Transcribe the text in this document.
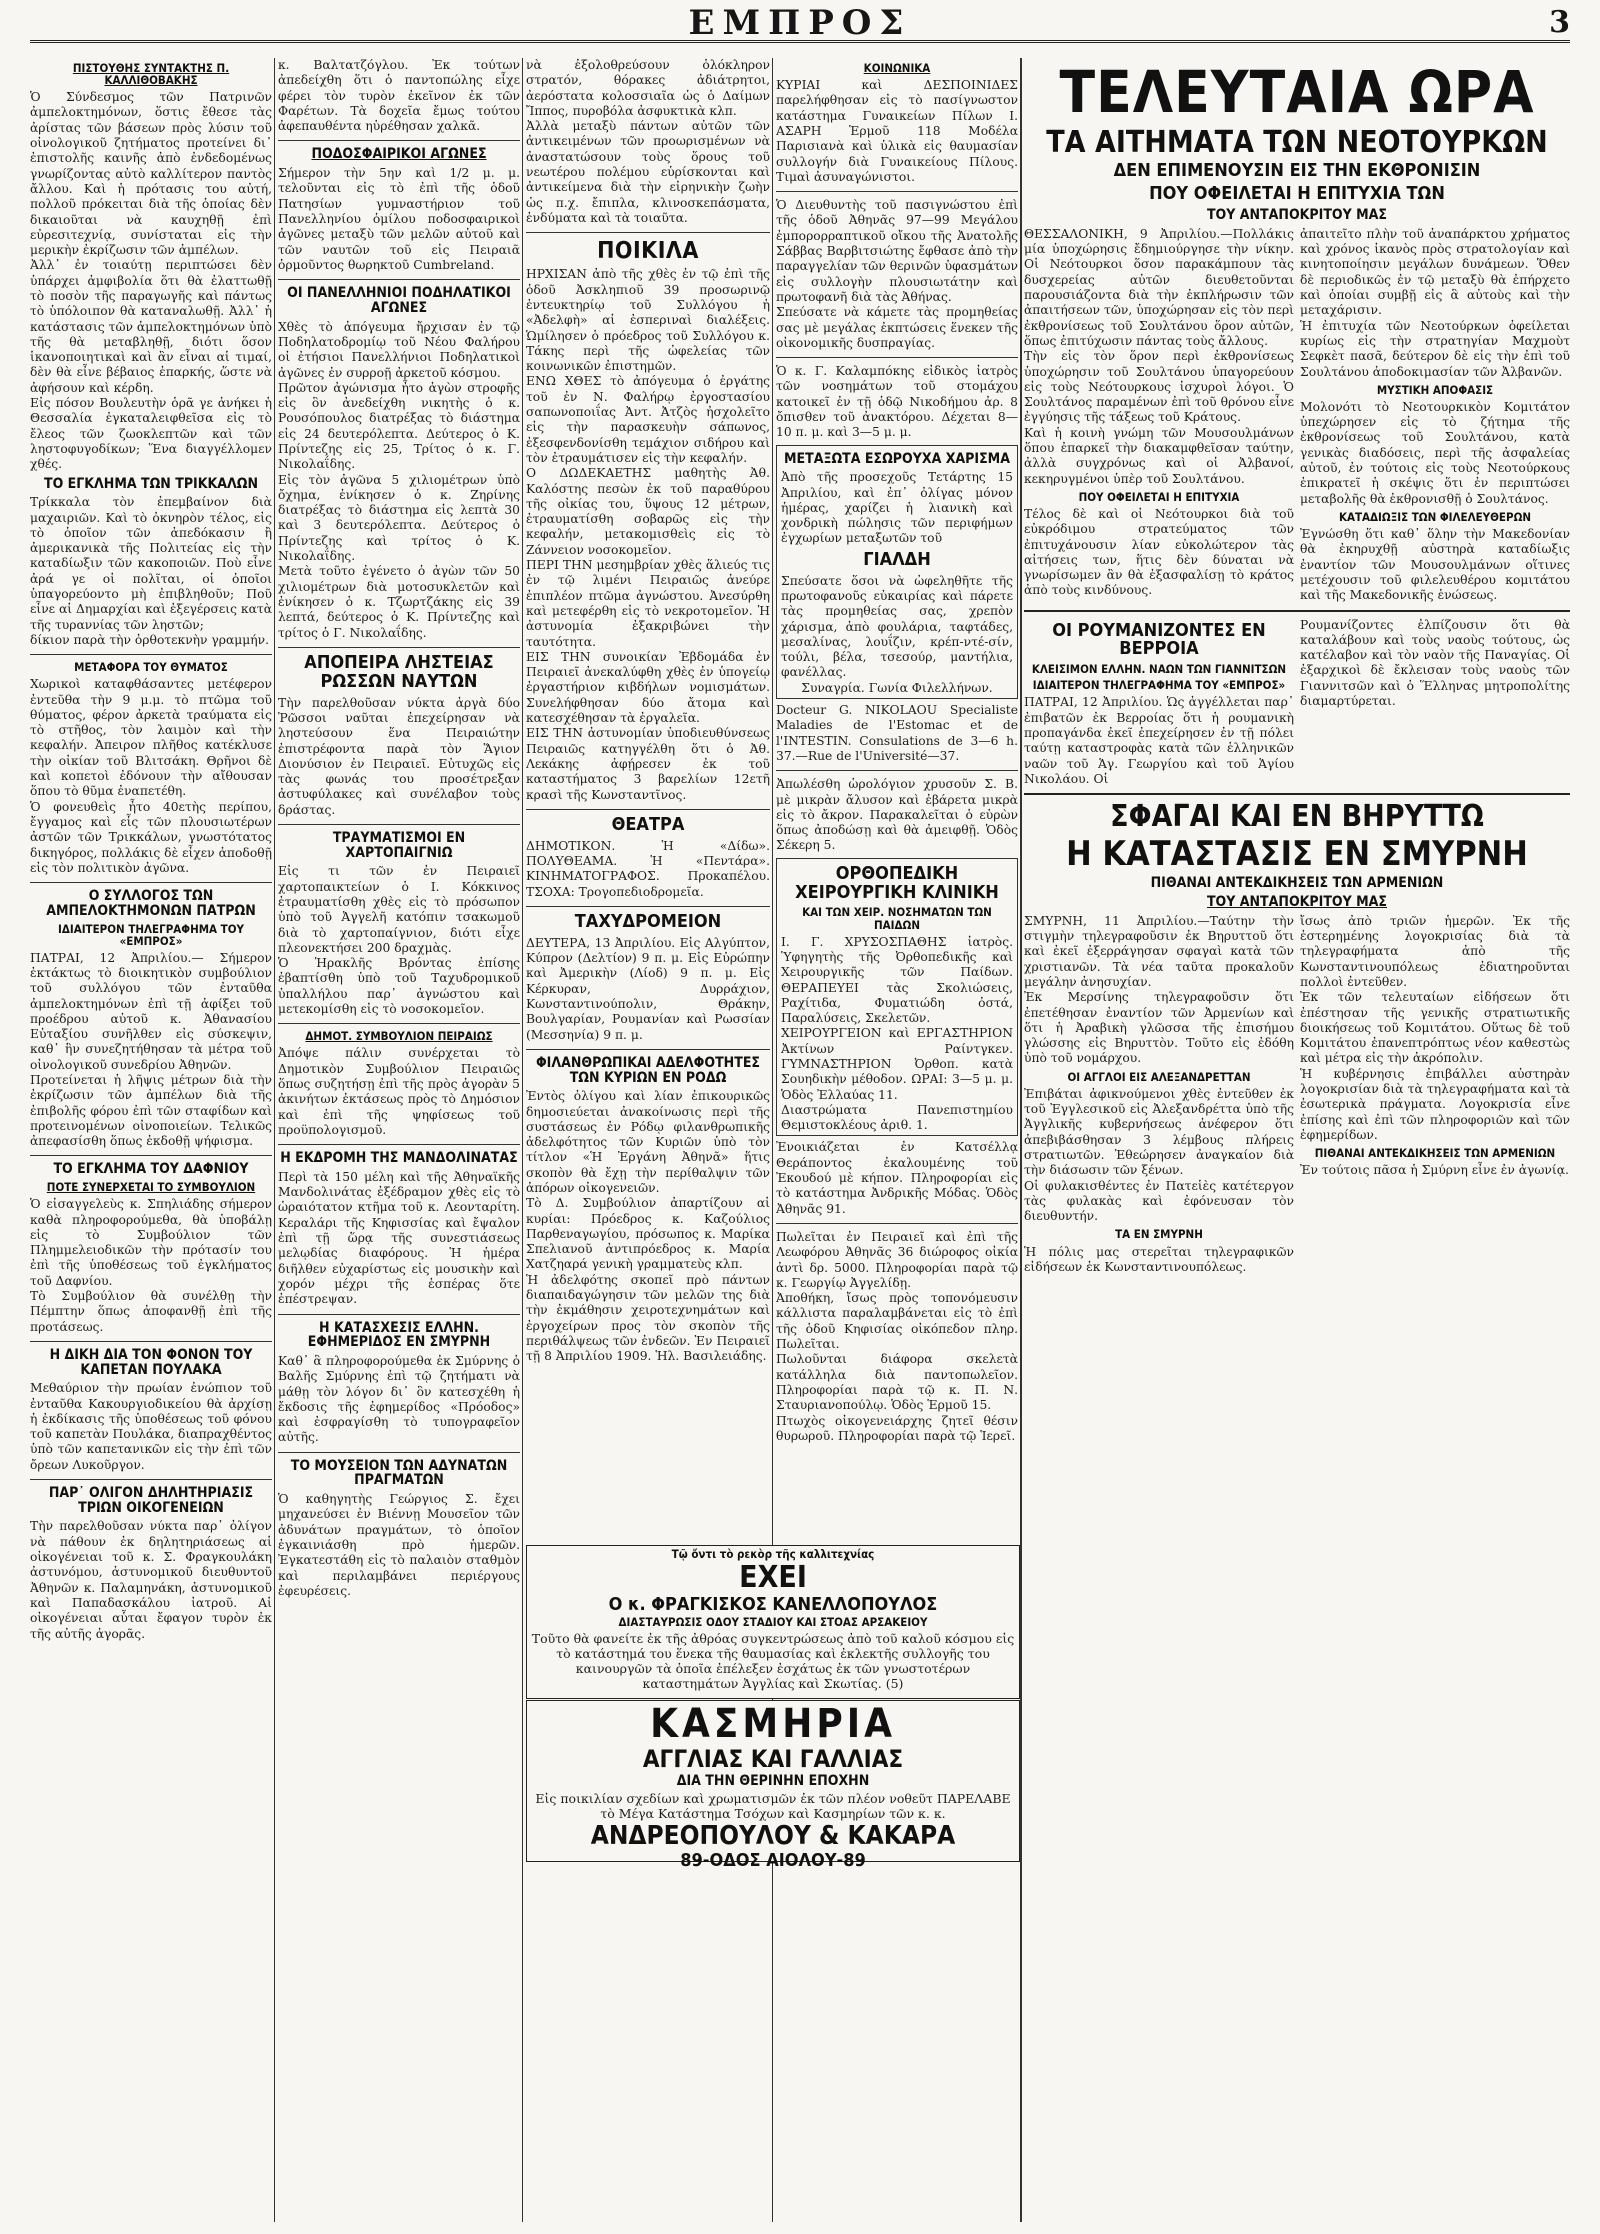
ΕΜΠΡΟΣ	3
ΠΙΣΤΟΥΘΗΣ ΣΥΝΤΑΚΤΗΣ Π. ΚΑΛΛΙΘΟΒΑΚΗΣ

Ὁ Σύνδεσμος τῶν Πατρινῶν ἀμπελοκτημόνων, ὅστις ἔθεσε τὰς ἀρίστας τῶν βάσεων πρὸς λύσιν τοῦ οἰνολογικοῦ ζητήματος προτείνει δι᾽ ἐπιστολῆς καινῆς ἀπὸ ἐνδεδομένως γνωρίζοντας αὐτὸ καλλίτερον παντὸς ἄλλου. Καὶ ἡ πρότασις του αὐτή, πολλοῦ πρόκειται διὰ τῆς ὁποίας δὲν δικαιοῦται νὰ καυχηθῇ ἐπὶ εὐρεσιτεχνίᾳ, συνίσταται εἰς τὴν μερικὴν ἐκρίζωσιν τῶν ἀμπέλων.

Ἀλλ᾽ ἐν τοιαύτῃ περιπτώσει δὲν ὑπάρχει ἀμφιβολία ὅτι θὰ ἐλαττωθῇ τὸ ποσὸν τῆς παραγωγῆς καὶ πάντως τὸ ὑπόλοιπον θὰ καταναλωθῇ. Ἀλλ᾽ ἡ κατάστασις τῶν ἀμπελοκτημόνων ὑπὸ τῆς θὰ μεταβληθῇ, διότι ὅσον ἱκανοποιητικαὶ καὶ ἂν εἶναι αἱ τιμαί, δὲν θὰ εἶνε βέβαιος ἐπαρκής, ὥστε νὰ ἀφήσουν καὶ κέρδη.

Εἰς πόσον Βουλευτὴν ὁρᾶ γε ἀνήκει ἡ Θεσσαλία ἐγκαταλειφθεῖσα εἰς τὸ ἔλεος τῶν ζωοκλεπτῶν καὶ τῶν ληστοφυγοδίκων; Ἕνα διαγγέλλομεν χθές.

ΤΟ ΕΓΚΛΗΜΑ ΤΩΝ ΤΡΙΚΚΑΛΩΝ

Τρίκκαλα τὸν ἐπεμβαίνον διὰ μαχαιριῶν. Καὶ τὸ ὀκνηρὸν τέλος, εἰς τὸ ὁποῖον τῶν ἀπεδόκασιν ἢ ἀμερικανικὰ τῆς Πολιτείας εἰς τὴν καταδίωξιν τῶν κακοποιῶν. Ποὺ εἶνε ἀρά γε οἱ πολῖται, οἱ ὁποῖοι ὑπαγορεύοντο μὴ ἐπιβληθοῦν; Ποῦ εἶνε αἱ Δημαρχίαι καὶ ἐξεγέρσεις κατὰ τῆς τυραννίας τῶν ληστῶν;

δίκιον παρὰ τὴν ὀρθοτεκνὴν γραμμήν.

ΜΕΤΑΦΟΡΑ ΤΟΥ ΘΥΜΑΤΟΣ

Χωρικοὶ καταφθάσαντες μετέφερον ἐντεῦθα τὴν 9 μ.μ. τὸ πτῶμα τοῦ θύματος, φέρον ἀρκετὰ τραύματα εἰς τὸ στῆθος, τὸν λαιμὸν καὶ τὴν κεφαλήν. Ἀπειρον πλῆθος κατέκλυσε τὴν οἰκίαν τοῦ Βλιτσάκη. Θρῆνοι δὲ καὶ κοπετοὶ ἐδόνουν τὴν αἴθουσαν ὅπου τὸ θῦμα ἐναπετέθη.

Ὁ φονευθεὶς ἦτο 40ετὴς περίπου, ἔγγαμος καὶ εἷς τῶν πλουσιωτέρων ἀστῶν τῶν Τρικκάλων, γνωστότατος δικηγόρος, πολλάκις δὲ εἶχεν ἀποδοθῇ εἰς τὸν πολιτικὸν ἀγῶνα.

Ο ΣΥΛΛΟΓΟΣ ΤΩΝ ΑΜΠΕΛΟΚΤΗΜΟΝΩΝ ΠΑΤΡΩΝ
ΙΔΙΑΙΤΕΡΟΝ ΤΗΛΕΓΡΑΦΗΜΑ ΤΟΥ «ΕΜΠΡΟΣ»

ΠΑΤΡΑΙ, 12 Ἀπριλίου.— Σήμερον ἐκτάκτως τὸ διοικητικὸν συμβούλιον τοῦ συλλόγου τῶν ἐνταῦθα ἀμπελοκτημόνων ἐπὶ τῇ ἀφίξει τοῦ προέδρου αὐτοῦ κ. Ἀθανασίου Εὐταξίου συνῆλθεν εἰς σύσκεψιν, καθ᾽ ἣν συνεζητήθησαν τὰ μέτρα τοῦ οἰνολογικοῦ συνεδρίου Ἀθηνῶν.

Προτείνεται ἡ λῆψις μέτρων διὰ τὴν ἐκρίζωσιν τῶν ἀμπέλων διὰ τῆς ἐπιβολῆς φόρου ἐπὶ τῶν σταφίδων καὶ προτεινομένων οἰνοποιείων. Τελικῶς ἀπεφασίσθη ὅπως ἐκδοθῇ ψήφισμα.

ΤΟ ΕΓΚΛΗΜΑ ΤΟΥ ΔΑΦΝΙΟΥ
ΠΟΤΕ ΣΥΝΕΡΧΕΤΑΙ ΤΟ ΣΥΜΒΟΥΛΙΟΝ

Ὁ εἰσαγγελεὺς κ. Σπηλιάδης σήμερον καθὰ πληροφορούμεθα, θὰ ὑποβάλῃ εἰς τὸ Συμβούλιον τῶν Πλημμελειοδικῶν τὴν πρότασίν του ἐπὶ τῆς ὑποθέσεως τοῦ ἐγκλήματος τοῦ Δαφνίου.

Τὸ Συμβούλιον θὰ συνέλθῃ τὴν Πέμπτην ὅπως ἀποφανθῇ ἐπὶ τῆς προτάσεως.

Η ΔΙΚΗ ΔΙΑ ΤΟΝ ΦΟΝΟΝ ΤΟΥ ΚΑΠΕΤΑΝ ΠΟΥΛΑΚΑ

Μεθαύριον τὴν πρωίαν ἐνώπιον τοῦ ἐνταῦθα Κακουργιοδικείου θὰ ἀρχίσῃ ἡ ἐκδίκασις τῆς ὑποθέσεως τοῦ φόνου τοῦ καπετὰν Πουλάκα, διαπραχθέντος ὑπὸ τῶν καπετανικῶν εἰς τὴν ἐπὶ τῶν ὄρεων Λυκοῦργον.

ΠΑΡ᾽ ΟΛΙΓΟΝ ΔΗΛΗΤΗΡΙΑΣΙΣ ΤΡΙΩΝ ΟΙΚΟΓΕΝΕΙΩΝ

Τὴν παρελθοῦσαν νύκτα παρ᾽ ὀλίγον νὰ πάθουν ἐκ δηλητηριάσεως αἱ οἰκογένειαι τοῦ κ. Σ. Φραγκουλάκη ἀστυνόμου, ἀστυνομικοῦ διευθυντοῦ Ἀθηνῶν κ. Παλαμηνάκη, ἀστυνομικοῦ καὶ Παπαδασκάλου ἰατροῦ. Αἱ οἰκογένειαι αὗται ἔφαγον τυρὸν ἐκ τῆς αὐτῆς ἀγορᾶς.

κ. Βαλτατζόγλου. Ἐκ τούτων ἀπεδείχθη ὅτι ὁ παντοπώλης εἶχε φέρει τὸν τυρὸν ἐκεῖνον ἐκ τῶν Φαρέτων. Τὰ δοχεῖα ἔμως τούτου ἀφεπαυθέντα ηὑρέθησαν χαλκᾶ.

ΠΟΔΟΣΦΑΙΡΙΚΟΙ ΑΓΩΝΕΣ

Σήμερον τὴν 5ην καὶ 1/2 μ. μ. τελοῦνται εἰς τὸ ἐπὶ τῆς ὁδοῦ Πατησίων γυμναστήριον τοῦ Πανελληνίου ὁμίλου ποδοσφαιρικοὶ ἀγῶνες μεταξὺ τῶν μελῶν αὐτοῦ καὶ τῶν ναυτῶν τοῦ εἰς Πειραιᾶ ὁρμοῦντος θωρηκτοῦ Cumbreland.

ΟΙ ΠΑΝΕΛΛΗΝΙΟΙ ΠΟΔΗΛΑΤΙΚΟΙ ΑΓΩΝΕΣ

Χθὲς τὸ ἀπόγευμα ἤρχισαν ἐν τῷ Ποδηλατοδρομίῳ τοῦ Νέου Φαλήρου οἱ ἐτήσιοι Πανελλήνιοι Ποδηλατικοὶ ἀγῶνες ἐν συρροῇ ἀρκετοῦ κόσμου.

Πρῶτον ἀγώνισμα ἦτο ἀγὼν στροφῆς εἰς ὃν ἀνεδείχθη νικητὴς ὁ κ. Ρουσόπουλος διατρέξας τὸ διάστημα εἰς 24 δευτερόλεπτα. Δεύτερος ὁ Κ. Πρίντεζης εἰς 25, Τρίτος ὁ κ. Γ. Νικολαΐδης.

Εἰς τὸν ἀγῶνα 5 χιλιομέτρων ὑπὸ ὄχημα, ἐνίκησεν ὁ κ. Ζηρίνης διατρέξας τὸ διάστημα εἰς λεπτὰ 30 καὶ 3 δευτερόλεπτα. Δεύτερος ὁ Πρίντεζης καὶ τρίτος ὁ Κ. Νικολαΐδης.

Μετὰ τοῦτο ἐγένετο ὁ ἀγὼν τῶν 50 χιλιομέτρων διὰ μοτοσυκλετῶν καὶ ἐνίκησεν ὁ κ. Τζωρτζάκης εἰς 39 λεπτά, δεύτερος ὁ Κ. Πρίντεζης καὶ τρίτος ὁ Γ. Νικολαΐδης.

ΑΠΟΠΕΙΡΑ ΛΗΣΤΕΙΑΣ ΡΩΣΣΩΝ ΝΑΥΤΩΝ

Τὴν παρελθοῦσαν νύκτα ἀργὰ δύο Ῥῶσσοι ναῦται ἐπεχείρησαν νὰ ληστεύσουν ἕνα Πειραιώτην ἐπιστρέφοντα παρὰ τὸν Ἅγιον Διονύσιον ἐν Πειραιεῖ. Εὐτυχῶς εἰς τὰς φωνάς του προσέτρεξαν ἀστυφύλακες καὶ συνέλαβον τοὺς δράστας.

ΤΡΑΥΜΑΤΙΣΜΟΙ ΕΝ ΧΑΡΤΟΠΑΙΓΝΙΩ

Εἰς τι τῶν ἐν Πειραιεῖ χαρτοπαικτείων ὁ Ι. Κόκκινος ἐτραυματίσθη χθὲς εἰς τὸ πρόσωπον ὑπὸ τοῦ Ἀγγελῆ κατόπιν τσακωμοῦ διὰ τὸ χαρτοπαίγνιον, διότι εἶχε πλεονεκτήσει 200 δραχμὰς.

Ὁ Ἡρακλῆς Βρόντας ἐπίσης ἐβαπτίσθη ὑπὸ τοῦ Ταχυδρομικοῦ ὑπαλλήλου παρ᾽ ἀγνώστου καὶ μετεκομίσθη εἰς τὸ νοσοκομεῖον.

ΔΗΜΟΤ. ΣΥΜΒΟΥΛΙΟΝ ΠΕΙΡΑΙΩΣ

Ἀπόψε πάλιν συνέρχεται τὸ Δημοτικὸν Συμβούλιον Πειραιῶς ὅπως συζητήσῃ ἐπὶ τῆς πρὸς ἀγορὰν 5 ἀκινήτων ἐκτάσεως πρὸς τὸ Δημόσιον καὶ ἐπὶ τῆς ψηφίσεως τοῦ προϋπολογισμοῦ.

Η ΕΚΔΡΟΜΗ ΤΗΣ ΜΑΝΔΟΛΙΝΑΤΑΣ

Περὶ τὰ 150 μέλη καὶ τῆς Ἀθηναϊκῆς Μανδολινάτας ἐξέδραμον χθὲς εἰς τὸ ὡραιότατον κτῆμα τοῦ κ. Λεονταρίτη. Κεραλάρι τῆς Κηφισσίας καὶ ἔψαλον ἐπὶ τῇ ὥρᾳ τῆς συνεστιάσεως μελῳδίας διαφόρους. Ἡ ἡμέρα διῆλθεν εὐχαρίστως εἰς μουσικὴν καὶ χορόν μέχρι τῆς ἑσπέρας ὅτε ἐπέστρεψαν.

Η ΚΑΤΑΣΧΕΣΙΣ ΕΛΛΗΝ. ΕΦΗΜΕΡΙΔΟΣ ΕΝ ΣΜΥΡΝΗ

Καθ᾽ ἃ πληροφορούμεθα ἐκ Σμύρνης ὁ Βαλῆς Σμύρνης ἐπὶ τῷ ζητήματι νὰ μάθῃ τὸν λόγον δι᾽ ὃν κατεσχέθη ἡ ἔκδοσις τῆς ἐφημερίδος «Πρόοδος» καὶ ἐσφραγίσθη τὸ τυπογραφεῖον αὐτῆς.

ΤΟ ΜΟΥΣΕΙΟΝ ΤΩΝ ΑΔΥΝΑΤΩΝ ΠΡΑΓΜΑΤΩΝ

Ὁ καθηγητὴς Γεώργιος Σ. ἔχει μηχανεύσει ἐν Βιέννῃ Μουσεῖον τῶν ἀδυνάτων πραγμάτων, τὸ ὁποῖον ἐγκαινιάσθη πρὸ ἡμερῶν. Ἐγκατεστάθη εἰς τὸ παλαιὸν σταθμὸν καὶ περιλαμβάνει περιέργους ἐφευρέσεις.

νὰ ἐξολοθρεύσουν ὁλόκληρον στρατόν, θόρακες ἀδιάτρητοι, ἀερόστατα κολοσσιαῖα ὡς ὁ Δαίμων Ἴππος, πυροβόλα ἀσφυκτικὰ κλπ.

Ἀλλὰ μεταξὺ πάντων αὐτῶν τῶν ἀντικειμένων τῶν προωρισμένων νὰ ἀναστατώσουν τοὺς ὅρους τοῦ νεωτέρου πολέμου εὑρίσκονται καὶ ἀντικείμενα διὰ τὴν εἰρηνικὴν ζωὴν ὡς π.χ. ἔπιπλα, κλινοσκεπάσματα, ἐνδύματα καὶ τὰ τοιαῦτα.

ΠΟΙΚΙΛΑ

ΗΡΧΙΣΑΝ ἀπὸ τῆς χθὲς ἐν τῷ ἐπὶ τῆς ὁδοῦ Ἀσκληπιοῦ 39 προσωρινῷ ἐντευκτηρίῳ τοῦ Συλλόγου ἡ «Ἀδελφὴ» αἱ ἐσπεριναὶ διαλέξεις. Ὡμίλησεν ὁ πρόεδρος τοῦ Συλλόγου κ. Τάκης περὶ τῆς ὠφελείας τῶν κοινωνικῶν ἐπιστημῶν.

ΕΝΩ ΧΘΕΣ τὸ ἀπόγευμα ὁ ἐργάτης τοῦ ἐν Ν. Φαλήρῳ ἐργοστασίου σαπωνοποιΐας Ἀντ. Ἀτζὸς ἠσχολεῖτο εἰς τὴν παρασκευὴν σάπωνος, ἐξεσφενδονίσθη τεμάχιον σιδήρου καὶ τὸν ἐτραυμάτισεν εἰς τὴν κεφαλήν.

Ο ΔΩΔΕΚΑΕΤΗΣ μαθητὴς Ἀθ. Καλόστης πεσὼν ἐκ τοῦ παραθύρου τῆς οἰκίας του, ὕψους 12 μέτρων, ἐτραυματίσθη σοβαρῶς εἰς τὴν κεφαλήν, μετακομισθεὶς εἰς τὸ Ζάννειον νοσοκομεῖον.

ΠΕΡΙ ΤΗΝ μεσημβρίαν χθὲς ἅλιεύς τις ἐν τῷ λιμένι Πειραιῶς ἀνεύρε ἐπιπλέον πτῶμα ἀγνώστου. Ἀνεσύρθη καὶ μετεφέρθη εἰς τὸ νεκροτομεῖον. Ἡ ἀστυνομία ἐξακριβώνει τὴν ταυτότητα.

ΕΙΣ ΤΗΝ συνοικίαν Ἐβδομάδα ἐν Πειραιεῖ ἀνεκαλύφθη χθὲς ἐν ὑπογείῳ ἐργαστήριον κιβδήλων νομισμάτων. Συνελήφθησαν δύο ἄτομα καὶ κατεσχέθησαν τὰ ἐργαλεῖα.

ΕΙΣ ΤΗΝ ἀστυνομίαν ὑποδιευθύνσεως Πειραιῶς κατηγγέλθη ὅτι ὁ Ἀθ. Λεκάκης ἀφῄρεσεν ἐκ τοῦ καταστήματος 3 βαρελίων 12ετῆ κρασὶ τῆς Κωνσταντῖνος.

ΘΕΑΤΡΑ

ΔΗΜΟΤΙΚΟΝ. Ἡ «Δίδω». ΠΟΛΥΘΕΑΜΑ. Ἡ «Πεντάρα». ΚΙΝΗΜΑΤΟΓΡΑΦΟΣ. Προκαπέλου. ΤΣΟΧΑ: Τρογοπεδιοδρομεῖα.

ΤΑΧΥΔΡΟΜΕΙΟΝ

ΔΕΥΤΕΡΑ, 13 Ἀπριλίου. Εἰς Αλγύπτον, Κύπρον (Δελτίον) 9 π. μ. Εἰς Εὐρώπην καὶ Ἀμερικὴν (Λίοδ) 9 π. μ. Εἰς Κέρκυραν, Δυρράχιον, Κωνσταντινούπολιν, Θράκην, Βουλγαρίαν, Ρουμανίαν καὶ Ρωσσίαν (Μεσσηνία) 9 π. μ.

ΦΙΛΑΝΘΡΩΠΙΚΑΙ ΑΔΕΛΦΟΤΗΤΕΣ ΤΩΝ ΚΥΡΙΩΝ ΕΝ ΡΟΔΩ

Ἐντὸς ὀλίγου καὶ λίαν ἐπικουρικῶς δημοσιεύεται ἀνακοίνωσις περὶ τῆς συστάσεως ἐν Ρόδῳ φιλανθρωπικῆς ἀδελφότητος τῶν Κυριῶν ὑπὸ τὸν τίτλον «Ἡ Ἐργάνη Ἀθηνᾶ» ἥτις σκοπὸν θὰ ἔχῃ τὴν περίθαλψιν τῶν ἀπόρων οἰκογενειῶν.

Τὸ Δ. Συμβούλιον ἀπαρτίζουν αἱ κυρίαι: Πρόεδρος κ. Καζούλιος Παρθεναγωγίου, πρόσωπος κ. Μαρίκα Σπελιανοῦ ἀντιπρόεδρος κ. Μαρία Χατζηαρά γενικὴ γραμματεὺς κλπ.

Ἡ ἀδελφότης σκοπεῖ πρὸ πάντων διαπαιδαγώγησιν τῶν μελῶν της διὰ τὴν ἐκμάθησιν χειροτεχνημάτων καὶ ἐργοχείρων προς τὸν σκοπὸν τῆς περιθάλψεως τῶν ἐνδεῶν. Ἐν Πειραιεῖ τῇ 8 Ἀπριλίου 1909. Ἡλ. Βασιλειάδης.

ΚΟΙΝΩΝΙΚΑ

ΚΥΡΙΑΙ καὶ ΔΕΣΠΟΙΝΙΔΕΣ παρελήφθησαν εἰς τὸ πασίγνωστον κατάστημα Γυναικείων Πίλων Ι. ΑΣΑΡΗ Ἑρμοῦ 118 Μοδέλα Παρισιανὰ καὶ ὑλικὰ εἰς θαυμασίαν συλλογήν διὰ Γυναικείους Πίλους. Τιμαὶ ἀσυναγώνιστοι.

Ὁ Διευθυντὴς τοῦ πασιγνώστου ἐπὶ τῆς ὁδοῦ Ἀθηνᾶς 97—99 Μεγάλου ἐμπορορραπτικοῦ οἴκου τῆς Ἀνατολῆς Σάββας Βαρβιτσιώτης ἔφθασε ἀπὸ τὴν παραγγελίαν τῶν θερινῶν ὑφασμάτων εἰς συλλογὴν πλουσιωτάτην καὶ πρωτοφανῆ διὰ τὰς Ἀθήνας.

Σπεύσατε νὰ κάμετε τὰς προμηθείας σας μὲ μεγάλας ἐκπτώσεις ἕνεκεν τῆς οἰκονομικῆς δυσπραγίας.

Ὁ κ. Γ. Καλαμπόκης εἰδικὸς ἰατρὸς τῶν νοσημάτων τοῦ στομάχου κατοικεῖ ἐν τῇ ὁδῷ Νικοδήμου ἀρ. 8 ὄπισθεν τοῦ ἀνακτόρου. Δέχεται 8—10 π. μ. καὶ 3—5 μ. μ.

ΜΕΤΑΞΩΤΑ ΕΣΩΡΟΥΧΑ ΧΑΡΙΣΜΑ

Ἀπὸ τῆς προσεχοῦς Τετάρτης 15 Ἀπριλίου, καὶ ἐπ᾽ ὀλίγας μόνον ἡμέρας, χαρίζει ἡ λιανικὴ καὶ χονδρικὴ πώλησις τῶν περιφήμων ἐγχωρίων μεταξωτῶν τοῦ

ΓΙΑΛΔΗ

Σπεύσατε ὅσοι νὰ ὠφεληθῆτε τῆς πρωτοφανοῦς εὐκαιρίας καὶ πάρετε τὰς προμηθείας σας, χρεπὸν χάρισμα, ἀπὸ φουλάρια, ταφτάδες, μεσαλίνας, λουΐζιν, κρέπ-ντέ-σίν, τούλι, βέλα, τσεσούρ, μαντήλια, φανέλλας.

Συναγρία. Γωνία Φιλελλήνων.

Docteur G. NIKOLAOU Specialiste Maladies de l'Estomac et de l'INTESTIN. Consulations de 3—6 h. 37.—Rue de l'Université—37.

Ἀπωλέσθη ὡρολόγιον χρυσοῦν Σ. Β. μὲ μικρὰν ἄλυσον καὶ ἐβάρετα μικρὰ εἰς τὸ ἄκρον. Παρακαλεῖται ὁ εὑρὼν ὅπως ἀποδώσῃ καὶ θὰ ἀμειφθῇ. Ὁδὸς Σέκερη 5.

ΟΡΘΟΠΕΔΙΚΗ ΧΕΙΡΟΥΡΓΙΚΗ ΚΛΙΝΙΚΗ
ΚΑΙ ΤΩΝ ΧΕΙΡ. ΝΟΣΗΜΑΤΩΝ ΤΩΝ ΠΑΙΔΩΝ

Ι. Γ. ΧΡΥΣΟΣΠΑΘΗΣ ἰατρὸς. Ὑφηγητὴς τῆς Ὀρθοπεδικῆς καὶ Χειρουργικῆς τῶν Παίδων. ΘΕΡΑΠΕΥΕΙ τὰς Σκολιώσεις, Ραχίτιδα, Φυματιώδη ὀστά, Παραλύσεις, Σκελετῶν.

ΧΕΙΡΟΥΡΓΕΙΟΝ καὶ ΕΡΓΑΣΤΗΡΙΟΝ Ἀκτίνων Ραίντγκεν. ΓΥΜΝΑΣΤΗΡΙΟΝ Ὀρθοπ. κατὰ Σουηδικὴν μέθοδον. ΩΡΑΙ: 3—5 μ. μ. Ὁδὸς Ἐλλαύας 11.

Διαστρώματα Πανεπιστημίου Θεμιστοκλέους ἀριθ. 1.

Ἐνοικιάζεται ἐν Κατσέλλᾳ Θεράποντος ἐκαλουμένης τοῦ Ἐκουδού μὲ κήπον. Πληροφορίαι εἰς τὸ κατάστημα Ἀνδρικῆς Μόδας. Ὁδὸς Ἀθηνᾶς 91.

Πωλεῖται ἐν Πειραιεῖ καὶ ἐπὶ τῆς Λεωφόρου Ἀθηνᾶς 36 διώροφος οἰκία ἀντὶ δρ. 5000. Πληροφορίαι παρὰ τῷ κ. Γεωργίῳ Ἀγγελίδῃ.

Ἀποθήκη, ἴσως πρὸς τοπονόμευσιν κάλλιστα παραλαμβάνεται εἰς τὸ ἐπὶ τῆς ὁδοῦ Κηφισίας οἰκόπεδον πληρ. Πωλεῖται.

Πωλοῦνται διάφορα σκελετὰ κατάλληλα διὰ παντοπωλεῖον. Πληροφορίαι παρὰ τῷ κ. Π. Ν. Σταυριανοπούλῳ. Ὁδὸς Ἑρμοῦ 15.

Πτωχὸς οἰκογενειάρχης ζητεῖ θέσιν θυρωροῦ. Πληροφορίαι παρὰ τῷ Ἱερεῖ.

Τῷ ὄντι τὸ ρεκὸρ τῆς καλλιτεχνίας
ΕΧΕΙ
Ο κ. ΦΡΑΓΚΙΣΚΟΣ ΚΑΝΕΛΛΟΠΟΥΛΟΣ
ΔΙΑΣΤΑΥΡΩΣΙΣ ΟΔΟΥ ΣΤΑΔΙΟΥ ΚΑΙ ΣΤΟΑΣ ΑΡΣΑΚΕΙΟΥ

Τοῦτο θὰ φανείτε ἐκ τῆς ἀθρόας συγκεντρώσεως ἀπὸ τοῦ καλοῦ κόσμου εἰς τὸ κατάστημά του ἕνεκα τῆς θαυμασίας καὶ ἐκλεκτῆς συλλογῆς του καινουργῶν τὰ ὁποῖα ἐπέλεξεν ἐσχάτως ἐκ τῶν γνωστοτέρων καταστημάτων Ἀγγλίας καὶ Σκωτίας. (5)

ΚΑΣΜΗΡΙΑ
ΑΓΓΛΙΑΣ ΚΑΙ ΓΑΛΛΙΑΣ
ΔΙΑ ΤΗΝ ΘΕΡΙΝΗΝ ΕΠΟΧΗΝ

Εἰς ποικιλίαν σχεδίων καὶ χρωματισμῶν ἐκ τῶν πλέον νοθεῦτ ΠΑΡΕΛΑΒΕ τὸ Μέγα Κατάστημα Τσόχων καὶ Κασμηρίων τῶν κ. κ.

ΑΝΔΡΕΟΠΟΥΛΟΥ & ΚΑΚΑΡΑ
89-ΟΔΟΣ ΑΙΟΛΟΥ-89
ΤΕΛΕΥΤΑΙΑ ΩΡΑ
ΤΑ ΑΙΤΗΜΑΤΑ ΤΩΝ ΝΕΟΤΟΥΡΚΩΝ
ΔΕΝ ΕΠΙΜΕΝΟΥΣΙΝ ΕΙΣ ΤΗΝ ΕΚΘΡΟΝΙΣΙΝ
ΠΟΥ ΟΦΕΙΛΕΤΑΙ Η ΕΠΙΤΥΧΙΑ ΤΩΝ
ΤΟΥ ΑΝΤΑΠΟΚΡΙΤΟΥ ΜΑΣ

ΘΕΣΣΑΛΟΝΙΚΗ, 9 Ἀπριλίου.—Πολλάκις μία ὑποχώρησις ἔδημιούργησε τὴν νίκην. Οἱ Νεότουρκοι ὅσον παρακάμπουν τὰς δυσχερείας αὐτῶν διευθετοῦνται παρουσιάζοντα διὰ τὴν ἐκπλήρωσιν τῶν ἀπαιτήσεων τῶν, ὑποχώρησαν εἰς τὸν περὶ ἐκθρονίσεως τοῦ Σουλτάνου ὅρον αὐτῶν, ὅπως ἐπιτύχωσιν πάντας τοὺς ἄλλους.

Τὴν εἰς τὸν ὅρον περὶ ἐκθρονίσεως ὑποχώρησιν τοῦ Σουλτάνου ὑπαγορεύουν εἰς τοὺς Νεότουρκους ἰσχυροὶ λόγοι. Ὁ Σουλτάνος παραμένων ἐπὶ τοῦ θρόνου εἶνε ἐγγύησις τῆς τάξεως τοῦ Κράτους.

Καὶ ἡ κοινὴ γνώμη τῶν Μουσουλμάνων ὅπου ἐπαρκεῖ τὴν διακαμφθεῖσαν ταύτην, ἀλλὰ συγχρόνως καὶ οἱ Ἀλβανοί, κεκηρυγμένοι ὑπὲρ τοῦ Σουλτάνου.

ΠΟΥ ΟΦΕΙΛΕΤΑΙ Η ΕΠΙΤΥΧΙΑ

Τέλος δὲ καὶ οἱ Νεότουρκοι διὰ τοῦ εὐκρόδιμου στρατεύματος τῶν ἐπιτυχάνουσιν λίαν εὐκολώτερον τὰς αἰτήσεις των, ἥτις δὲν δύναται νὰ γνωρίσωμεν ἂν θὰ ἐξασφαλίσῃ τὸ κράτος ἀπὸ τοὺς κινδύνους.

ἀπαιτεῖτο πλὴν τοῦ ἀναπάρκτου χρήματος καὶ χρόνος ἱκανὸς πρὸς στρατολογίαν καὶ κινητοποίησιν μεγάλων δυνάμεων. Ὅθεν δὲ περιοδικῶς ἐν τῷ μεταξὺ θὰ ἐπήρχετο καὶ ὁποίαι συμβῇ εἰς ἃ αὐτοὺς καὶ τὴν μεταχάρισιν.

Ἡ ἐπιτυχία τῶν Νεοτούρκων ὀφείλεται κυρίως εἰς τὴν στρατηγίαν Μαχμοὺτ Σεφκὲτ πασᾶ, δεύτερον δὲ εἰς τὴν ἐπὶ τοῦ Σουλτάνου ἀποδοκιμασίαν τῶν Ἀλβανῶν.

ΜΥΣΤΙΚΗ ΑΠΟΦΑΣΙΣ

Μολονότι τὸ Νεοτουρκικὸν Κομιτάτον ὑπεχώρησεν εἰς τὸ ζήτημα τῆς ἐκθρονίσεως τοῦ Σουλτάνου, κατὰ γενικὰς διαδόσεις, περὶ τῆς ἀσφαλείας αὐτοῦ, ἐν τούτοις εἰς τοὺς Νεοτούρκους ἐπικρατεῖ ἡ σκέψις ὅτι ἐν περιπτώσει μεταβολῆς θὰ ἐκθρονισθῇ ὁ Σουλτάνος.

ΚΑΤΑΔΙΩΞΙΣ ΤΩΝ ΦΙΛΕΛΕΥΘΕΡΩΝ

Ἐγνώσθη ὅτι καθ᾽ ὅλην τὴν Μακεδονίαν θὰ ἐκηρυχθῇ αὐστηρὰ καταδίωξις ἐναντίον τῶν Μουσουλμάνων οἵτινες μετέχουσιν τοῦ φιλελευθέρου κομιτάτου καὶ τῆς Μακεδονικῆς ἑνώσεως.

ΟΙ ΡΟΥΜΑΝΙΖΟΝΤΕΣ ΕΝ ΒΕΡΡΟΙΑ
ΚΛΕΙΣΙΜΟΝ ΕΛΛΗΝ. ΝΑΩΝ ΤΩΝ ΓΙΑΝΝΙΤΣΩΝ
ΙΔΙΑΙΤΕΡΟΝ ΤΗΛΕΓΡΑΦΗΜΑ ΤΟΥ «ΕΜΠΡΟΣ»

ΠΑΤΡΑΙ, 12 Ἀπριλίου. Ὡς ἀγγέλλεται παρ᾽ ἐπιβατῶν ἐκ Βερροίας ὅτι ἡ ρουμανικὴ προπαγάνδα ἐκεῖ ἐπεχείρησεν ἐν τῇ πόλει ταύτῃ καταστροφὰς κατὰ τῶν ἑλληνικῶν ναῶν τοῦ Ἁγ. Γεωργίου καὶ τοῦ Ἁγίου Νικολάου. Οἱ

Ρουμανίζοντες ἐλπίζουσιν ὅτι θὰ καταλάβουν καὶ τοὺς ναοὺς τούτους, ὡς κατέλαβον καὶ τὸν ναὸν τῆς Παναγίας. Οἱ ἐξαρχικοὶ δὲ ἔκλεισαν τοὺς ναοὺς τῶν Γιαννιτσῶν καὶ ὁ Ἕλληνας μητροπολίτης διαμαρτύρεται.

ΣΦΑΓΑΙ ΚΑΙ ΕΝ ΒΗΡΥΤΤΩ
Η ΚΑΤΑΣΤΑΣΙΣ ΕΝ ΣΜΥΡΝΗ
ΠΙΘΑΝΑΙ ΑΝΤΕΚΔΙΚΗΣΕΙΣ ΤΩΝ ΑΡΜΕΝΙΩΝ
ΤΟΥ ΑΝΤΑΠΟΚΡΙΤΟΥ ΜΑΣ

ΣΜΥΡΝΗ, 11 Ἀπριλίου.—Ταύτην τὴν στιγμὴν τηλεγραφοῦσιν ἐκ Βηρυττοῦ ὅτι καὶ ἐκεῖ ἐξερράγησαν σφαγαὶ κατὰ τῶν χριστιανῶν. Τὰ νέα ταῦτα προκαλοῦν μεγάλην ἀνησυχίαν.

Ἐκ Μερσίνης τηλεγραφοῦσιν ὅτι ἐπετέθησαν ἐναντίον τῶν Ἀρμενίων καὶ ὅτι ἡ Ἀραβικὴ γλῶσσα τῆς ἐπισήμου γλώσσης εἰς Βηρυττὸν. Τοῦτο εἰς ἐδόθη ὑπὸ τοῦ νομάρχου.

ΟΙ ΑΓΓΛΟΙ ΕΙΣ ΑΛΕΞΑΝΔΡΕΤΤΑΝ

Ἐπιβάται ἀφικνούμενοι χθὲς ἐντεῦθεν ἐκ τοῦ Ἐγγλεσικοῦ εἰς Ἀλεξανδρέττα ὑπὸ τῆς Ἀγγλικῆς κυβερνήσεως ἀνέφερον ὅτι ἀπεβιβάσθησαν 3 λέμβους πλήρεις στρατιωτῶν. Ἐθεώρησεν ἀναγκαίον διὰ τὴν διάσωσιν τῶν ξένων.

Οἱ φυλακισθέντες ἐν Πατεἱὲς κατέτεργον τὰς φυλακὰς καὶ ἐφόνευσαν τὸν διευθυντήν.

ΤΑ ΕΝ ΣΜΥΡΝΗ

Ἡ πόλις μας στερεῖται τηλεγραφικῶν εἰδήσεων ἐκ Κωνσταντινουπόλεως.

ἴσως ἀπὸ τριῶν ἡμερῶν. Ἐκ τῆς ἐστερημένης λογοκρισίας διὰ τὰ τηλεγραφήματα ἀπὸ τῆς Κωνσταντινουπόλεως ἐδιατηροῦνται πολλοὶ ἐντεῦθεν.

Ἐκ τῶν τελευταίων εἰδήσεων ὅτι ἐπέστησαν τῆς γενικῆς στρατιωτικῆς διοικήσεως τοῦ Κομιτάτου. Οὕτως δὲ τοῦ Κομιτάτου ἐπανεπτρόπτως νέον καθεστὼς καὶ μέτρα εἰς τὴν ἀκρόπολιν.

Ἡ κυβέρνησις ἐπιβάλλει αὐστηρὰν λογοκρισίαν διὰ τὰ τηλεγραφήματα καὶ τὰ ἐσωτερικὰ πράγματα. Λογοκρισία εἶνε ἐπίσης καὶ ἐπὶ τῶν πληροφοριῶν καὶ τῶν ἐφημερίδων.

ΠΙΘΑΝΑΙ ΑΝΤΕΚΔΙΚΗΣΕΙΣ ΤΩΝ ΑΡΜΕΝΙΩΝ

Ἐν τούτοις πᾶσα ἡ Σμύρνη εἶνε ἐν ἀγωνίᾳ.
